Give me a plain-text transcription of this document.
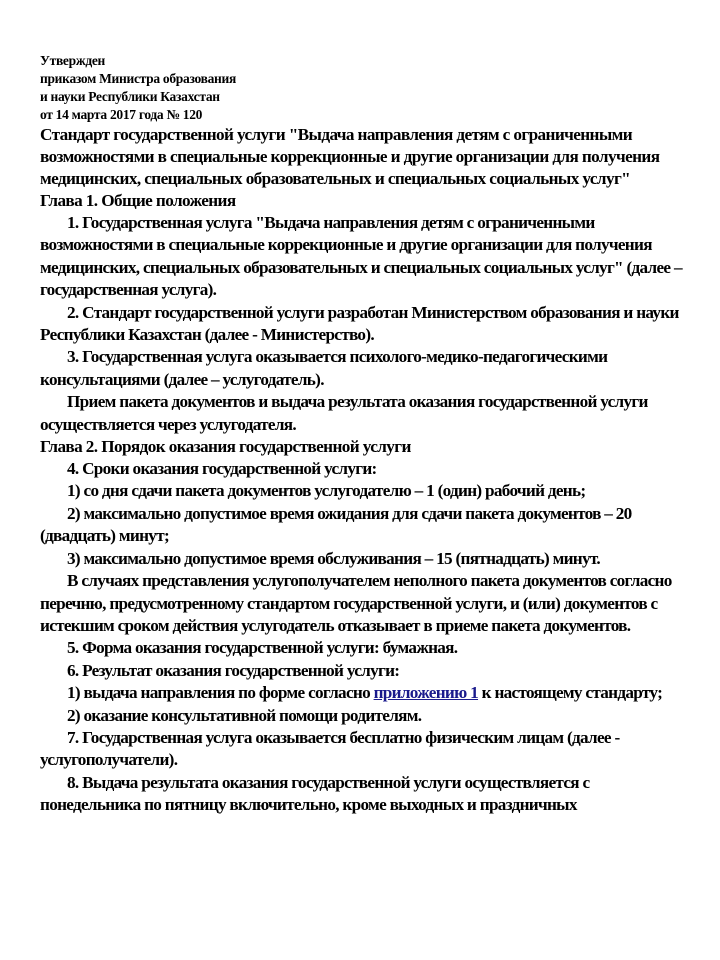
Утвержден
приказом Министра образования
и науки Республики Казахстан
от 14 марта 2017 года № 120
Стандарт государственной услуги "Выдача направления детям с ограниченными возможностями в специальные коррекционные и другие организации для получения медицинских, специальных образовательных и специальных социальных услуг"
Глава 1. Общие положения

1. Государственная услуга "Выдача направления детям с ограниченными возможностями в специальные коррекционные и другие организации для получения медицинских, специальных образовательных и специальных социальных услуг" (далее – государственная услуга).

2. Стандарт государственной услуги разработан Министерством образования и науки Республики Казахстан (далее - Министерство).

3. Государственная услуга оказывается психолого-медико-педагогическими консультациями (далее – услугодатель).

Прием пакета документов и выдача результата оказания государственной услуги осуществляется через услугодателя.

Глава 2. Порядок оказания государственной услуги

4. Сроки оказания государственной услуги:

1) со дня сдачи пакета документов услугодателю – 1 (один) рабочий день;

2) максимально допустимое время ожидания для сдачи пакета документов – 20 (двадцать) минут;

3) максимально допустимое время обслуживания – 15 (пятнадцать) минут.

В случаях представления услугополучателем неполного пакета документов согласно перечню, предусмотренному стандартом государственной услуги, и (или) документов с истекшим сроком действия услугодатель отказывает в приеме пакета документов.

5. Форма оказания государственной услуги: бумажная.

6. Результат оказания государственной услуги:

1) выдача направления по форме согласно приложению 1 к настоящему стандарту;

2) оказание консультативной помощи родителям.

7. Государственная услуга оказывается бесплатно физическим лицам (далее - услугополучатели).

8. Выдача результата оказания государственной услуги осуществляется с понедельника по пятницу включительно, кроме выходных и праздничных
